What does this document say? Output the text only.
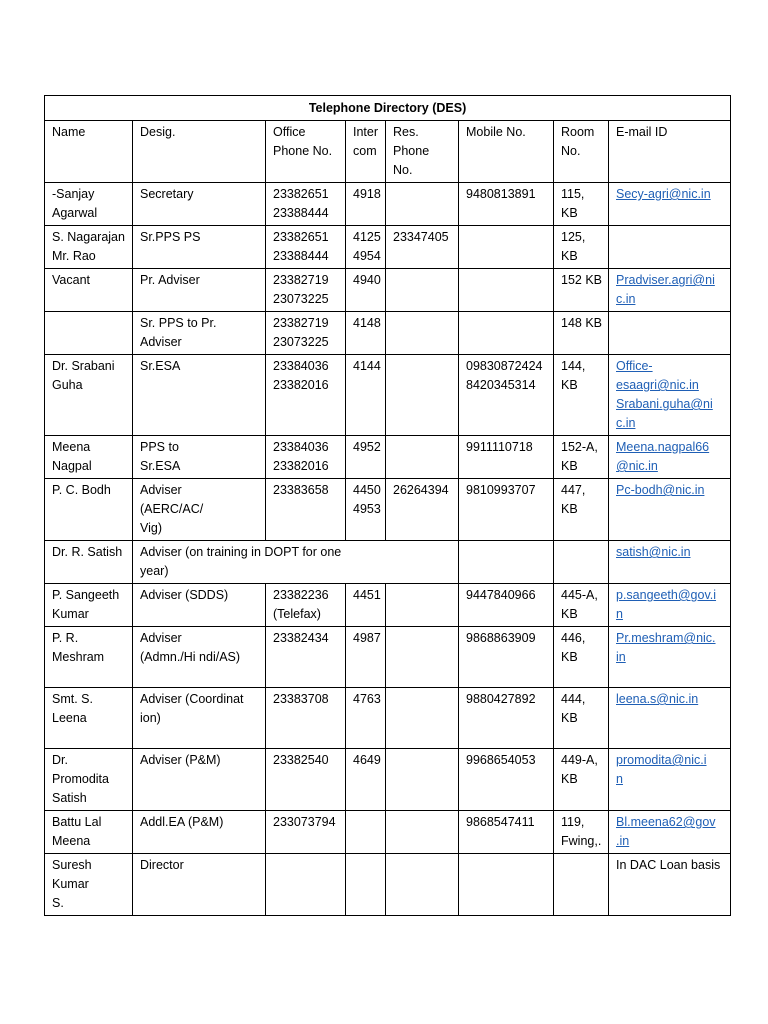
Telephone Directory (DES)							

Name	Desig.	Office
Phone No.	Inter
com	Res.
Phone
No.	Mobile No.	Room
No.	E-mail ID

-Sanjay
Agarwal	Secretary	23382651
23388444	4918		9480813891	115,
KB	Secy-agri@nic.in

S. Nagarajan
Mr. Rao	Sr.PPS PS	23382651
23388444	4125
4954	23347405		125,
KB	

Vacant	Pr. Adviser	23382719
23073225	4940			152 KB	Pradviser.agri@ni
c.in

	Sr. PPS to Pr.
Adviser	23382719
23073225	4148			148 KB	

Dr. Srabani
Guha	Sr.ESA	23384036
23382016	4144		09830872424
8420345314	144,
KB	Office-
esaagri@nic.in
Srabani.guha@ni
c.in

Meena
Nagpal	PPS to
Sr.ESA	23384036
23382016	4952		9911110718	152-A,
KB	Meena.nagpal66
@nic.in

P. C. Bodh	Adviser
(AERC/AC/
Vig)	23383658	4450
4953	26264394	9810993707	447,
KB	Pc-bodh@nic.in

Dr. R. Satish	Adviser (on training in DOPT for one
year)						satish@nic.in

P. Sangeeth
Kumar	Adviser (SDDS)	23382236
(Telefax)	4451		9447840966	445-A,
KB	p.sangeeth@gov.i
n

P. R.
Meshram	Adviser
(Admn./Hi ndi/AS)	23382434	4987		9868863909	446,
KB	Pr.meshram@nic.
in

Smt. S.
Leena	Adviser (Coordinat
ion)	23383708	4763		9880427892	444,
KB	leena.s@nic.in

Dr.
Promodita
Satish	Adviser (P&M)	23382540	4649		9968654053	449-A,
KB	promodita@nic.i
n

Battu Lal
Meena	Addl.EA (P&M)	233073794			9868547411	119,
Fwing,.	Bl.meena62@gov
.in

Suresh
Kumar
S.	Director						In DAC Loan basis
